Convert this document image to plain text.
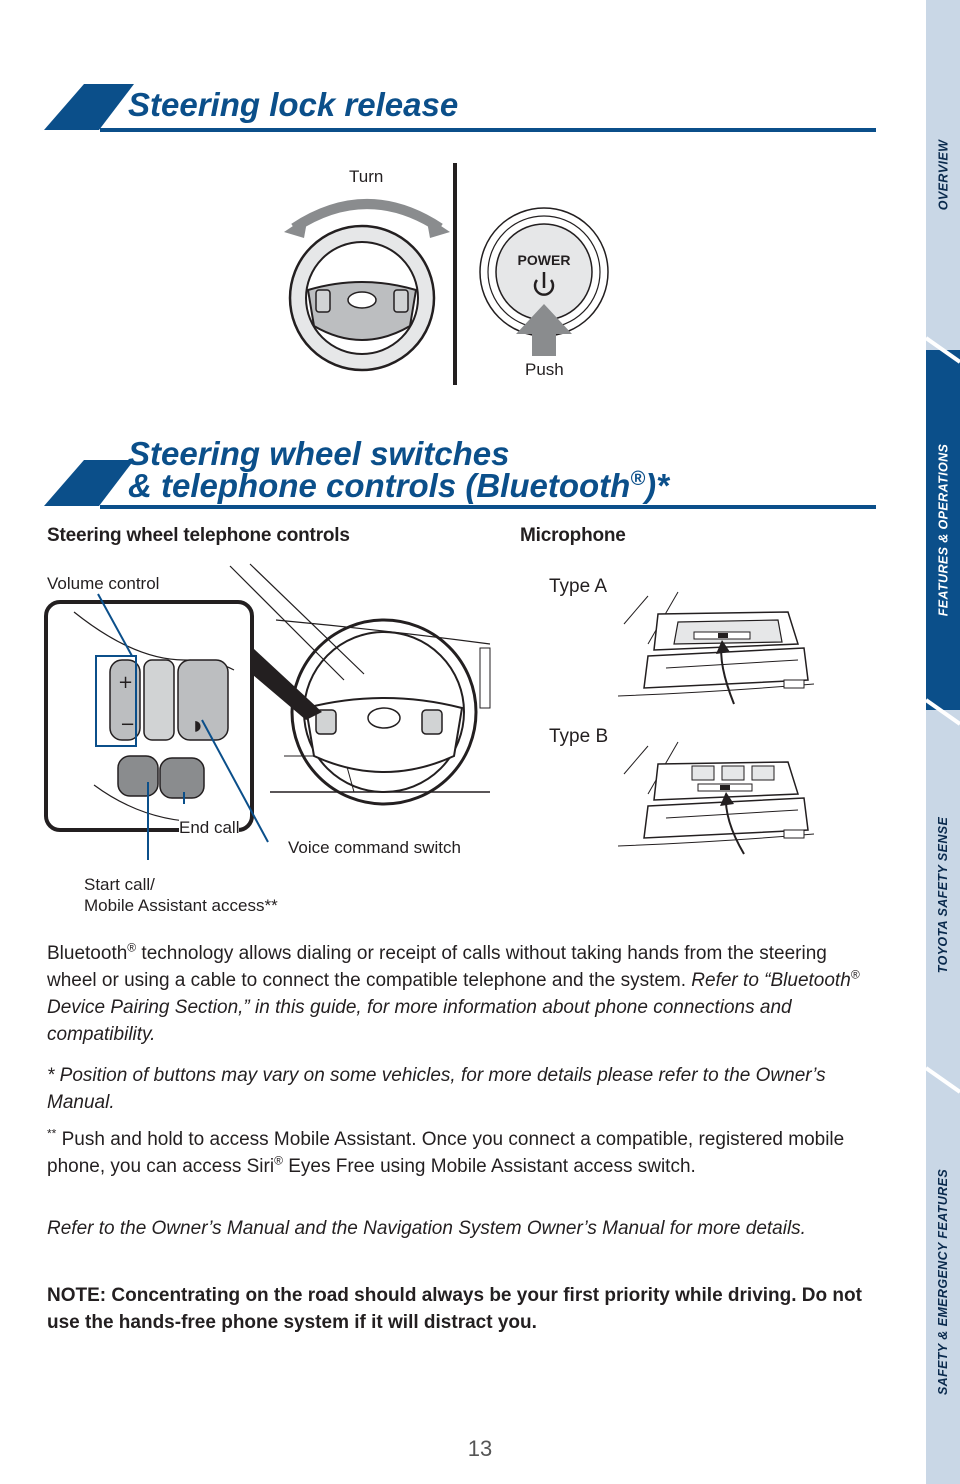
Steering lock release
Turn
POWER
Push
Steering wheel switches
& telephone controls (Bluetooth®)*
Steering wheel telephone controls	Microphone
+
−	◗
Volume control
End call
Voice command switch
Start call/
Mobile Assistant access**
Type A
Type B
Bluetooth® technology allows dialing or receipt of calls without taking hands from the steering wheel or using a cable to connect the compatible telephone and the system. Refer to “Bluetooth® Device Pairing Section,” in this guide, for more information about phone connections and compatibility.
* Position of buttons may vary on some vehicles, for more details please refer to the Owner’s Manual.
** Push and hold to access Mobile Assistant. Once you connect a compatible, registered mobile phone, you can access Siri® Eyes Free using Mobile Assistant access switch.
Refer to the Owner’s Manual and the Navigation System Owner’s Manual for more details.
NOTE: Concentrating on the road should always be your first priority while driving. Do not use the hands-free phone system if it will distract you.
13
OVERVIEW
FEATURES & OPERATIONS
TOYOTA SAFETY SENSE
SAFETY & EMERGENCY FEATURES
